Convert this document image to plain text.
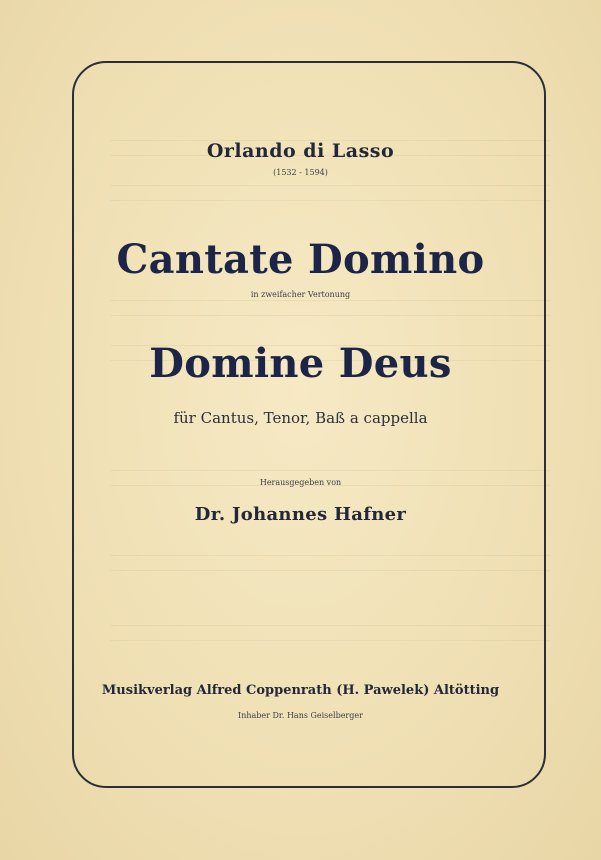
Orlando di Lasso
(1532 - 1594)
Cantate Domino
in zweifacher Vertonung
Domine Deus
für Cantus, Tenor, Baß a cappella
Herausgegeben von
Dr. Johannes Hafner
Musikverlag Alfred Coppenrath (H. Pawelek) Altötting
Inhaber Dr. Hans Geiselberger
